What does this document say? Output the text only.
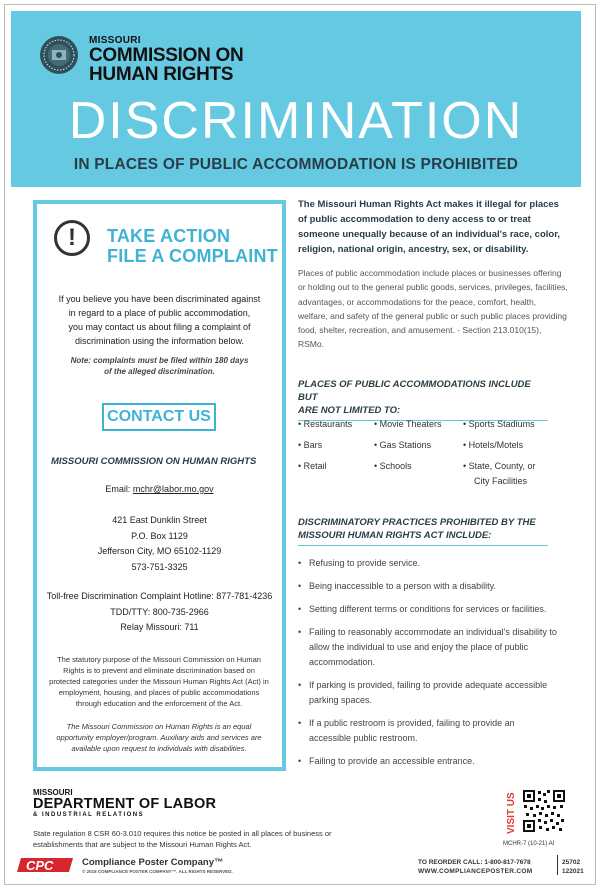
MISSOURI
COMMISSION ON
HUMAN RIGHTS
DISCRIMINATION
IN PLACES OF PUBLIC ACCOMMODATION IS PROHIBITED
!	TAKE ACTION
FILE A COMPLAINT
If you believe you have been discriminated against
in regard to a place of public accommodation,
you may contact us about filing a complaint of
discrimination using the information below.
Note: complaints must be filed within 180 days
of the alleged discrimination.
CONTACT US
MISSOURI COMMISSION ON HUMAN RIGHTS
Email: mchr@labor.mo.gov
421 East Dunklin Street
P.O. Box 1129
Jefferson City, MO 65102-1129
573-751-3325
Toll-free Discrimination Complaint Hotline: 877-781-4236
TDD/TTY: 800-735-2966
Relay Missouri: 711
The statutory purpose of the Missouri Commission on Human Rights is to prevent and eliminate discrimination based on protected categories under the Missouri Human Rights Act (Act) in employment, housing, and places of public accommodations through education and the enforcement of the Act.
The Missouri Commission on Human Rights is an equal opportunity employer/program. Auxiliary aids and services are available upon request to individuals with disabilities.
The Missouri Human Rights Act makes it illegal for places of public accommodation to deny access to or treat someone unequally because of an individual's race, color, religion, national origin, ancestry, sex, or disability.
Places of public accommodation include places or businesses offering or holding out to the general public goods, services, privileges, facilities, advantages, or accommodations for the peace, comfort, health, welfare, and safety of the general public or such public places providing food, shelter, recreation, and amusement. - Section 213.010(15), RSMo.
PLACES OF PUBLIC ACCOMMODATIONS INCLUDE BUT
ARE NOT LIMITED TO:
• Restaurants • Movie Theaters • Sports Stadiums
• Bars	• Gas Stations	• Hotels/Motels
• Retail	• Schools	• State, County, or
City Facilities
DISCRIMINATORY PRACTICES PROHIBITED BY THE
MISSOURI HUMAN RIGHTS ACT INCLUDE:
• Refusing to provide service.
• Being inaccessible to a person with a disability.
• Setting different terms or conditions for services or facilities.
• Failing to reasonably accommodate an individual's disability to allow the individual to use and enjoy the place of public accommodation.
• If parking is provided, failing to provide adequate accessible parking spaces.
• If a public restroom is provided, failing to provide an accessible public restroom.
• Failing to provide an accessible entrance.
MISSOURI
DEPARTMENT OF LABOR
& INDUSTRIAL RELATIONS
State regulation 8 CSR 60-3.010 requires this notice be posted in all places of business or establishments that are subject to the Missouri Human Rights Act.
VISIT US
MCHR-7 (10-21) AI
CPC	Compliance Poster Company™
© 2018 COMPLIANCE POSTER COMPANY™. ALL RIGHTS RESERVED.
TO REORDER CALL: 1-800-817-7678
WWW.COMPLIANCEPOSTER.COM
25702
122021
